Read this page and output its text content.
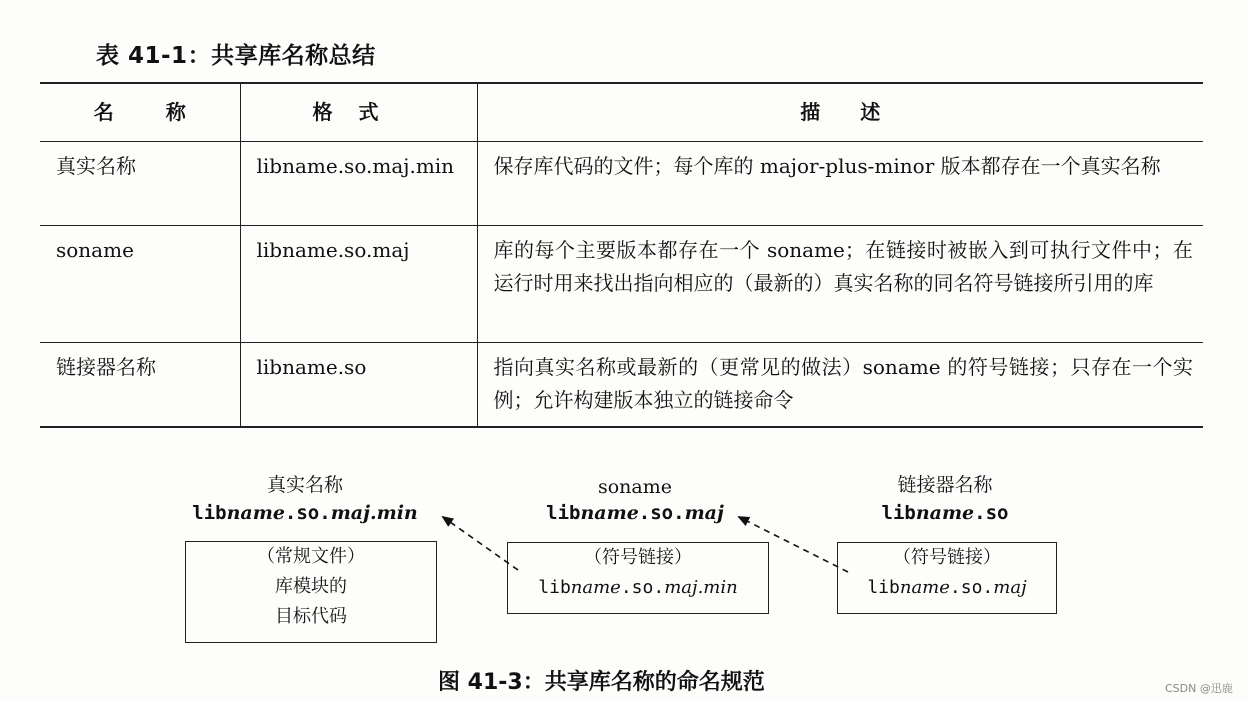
表 41-1：共享库名称总结
名称	格式	描述
真实名称	libname.so.maj.min	保存库代码的文件；每个库的 major-plus-minor 版本都存在一个真实名称
soname	libname.so.maj	库的每个主要版本都存在一个 soname；在链接时被嵌入到可执行文件中；在运行时用来找出指向相应的（最新的）真实名称的同名符号链接所引用的库
链接器名称	libname.so	指向真实名称或最新的（更常见的做法）soname 的符号链接；只存在一个实例；允许构建版本独立的链接命令
真实名称
libname.so.maj.min
（常规文件）
库模块的
目标代码
soname
libname.so.maj
（符号链接）
libname.so.maj.min
链接器名称
libname.so
（符号链接）
libname.so.maj
图 41-3：共享库名称的命名规范	CSDN @迅鹿
